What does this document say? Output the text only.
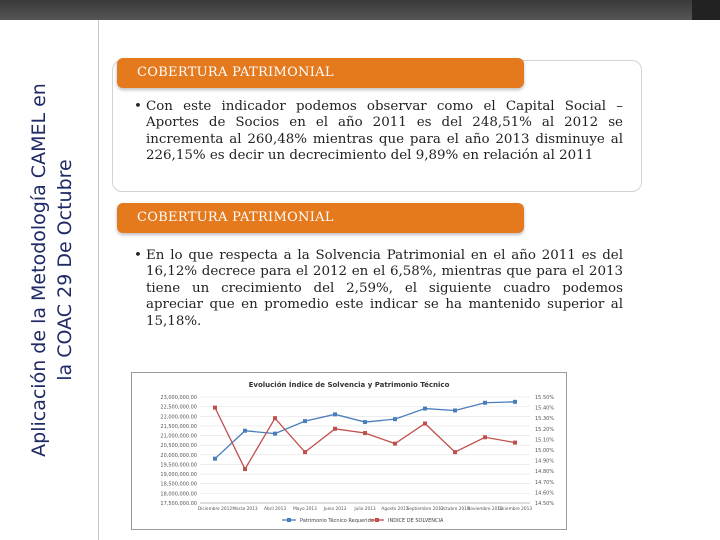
Aplicación de la Metodología CAMEL en la COAC 29 De Octubre
COBERTURA PATRIMONIAL
• Con este indicador podemos observar como el Capital Social – Aportes de Socios en el año 2011 es del 248,51% al 2012 se incrementa al 260,48% mientras que para el año 2013 disminuye al 226,15% es decir un decrecimiento del 9,89% en relación al 2011
COBERTURA PATRIMONIAL
• En lo que respecta a la Solvencia Patrimonial en el año 2011 es del 16,12% decrece para el 2012 en el 6,58%, mientras que para el 2013 tiene un crecimiento del 2,59%, el siguiente cuadro podemos apreciar que en promedio este indicar se ha mantenido superior al 15,18%.
Evolución Índice de Solvencia y Patrimonio Técnico
23,000,000.00
22,500,000.00
22,000,000.00
21,500,000.00
21,000,000.00
20,500,000.00
20,000,000.00
19,500,000.00
19,000,000.00
18,500,000.00
18,000,000.00
17,500,000.00
15.50%
15.40%
15.30%
15.20%
15.10%
15.00%
14.90%
14.80%
14.70%
14.60%
14.50%
Diciembre 2012 Marzo 2013 Abril 2013 Mayo 2013 Junio 2013 Julio 2013 Agosto 2013
Septiembre 2013
Octubre 2013
Noviembre 2013
Diciembre 2013
Patrimonio Técnico Requerido	INDICE DE SOLVENCIA
